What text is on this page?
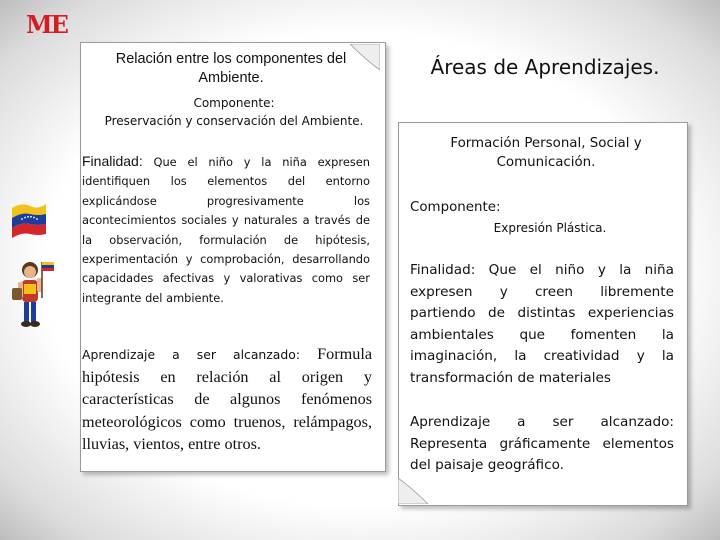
ME
Relación entre los componentes del Ambiente.
Componente:
Preservación y conservación del Ambiente.
Finalidad: Que el niño y la niña expresen identifiquen los elementos del entorno explicándose progresivamente los acontecimientos sociales y naturales a través de la observación, formulación de hipótesis, experimentación y comprobación, desarrollando capacidades afectivas y valorativas como ser integrante del ambiente.
Aprendizaje a ser alcanzado: Formula hipótesis en relación al origen y características de algunos fenómenos meteorológicos como truenos, relámpagos, lluvias, vientos, entre otros.
Áreas de Aprendizajes.
Formación Personal, Social y Comunicación.
Componente:
Expresión Plástica.
Finalidad: Que el niño y la niña expresen y creen libremente partiendo de distintas experiencias ambientales que fomenten la imaginación, la creatividad y la transformación de materiales
Aprendizaje a ser alcanzado: Representa gráficamente elementos del paisaje geográfico.
